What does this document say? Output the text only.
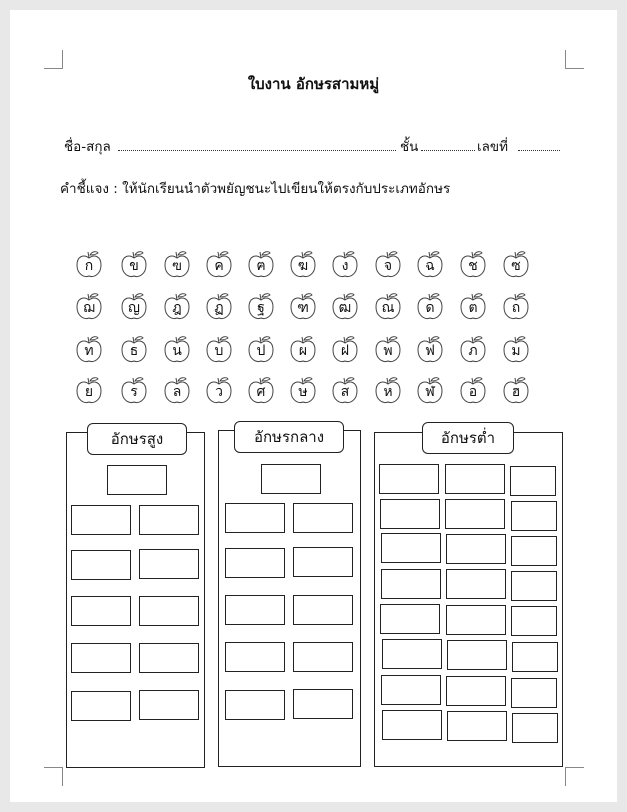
ใบงาน อักษรสามหมู่
ชื่อ-สกุล	ชั้น	เลขที่
คำชี้แจง : ให้นักเรียนนำตัวพยัญชนะไปเขียนให้ตรงกับประเภทอักษร
ก	ข	ฃ	ค	ฅ	ฆ	ง	จ	ฉ	ช	ซ
ฌ	ญ	ฎ	ฏ	ฐ	ฑ	ฒ	ณ	ด	ต	ถ
ท	ธ	น	บ	ป	ผ	ฝ	พ	ฟ	ภ	ม
ย	ร	ล	ว	ศ	ษ	ส	ห	ฬ	อ	ฮ
อักษรสูง	อักษรกลาง	อักษรต่ำ
